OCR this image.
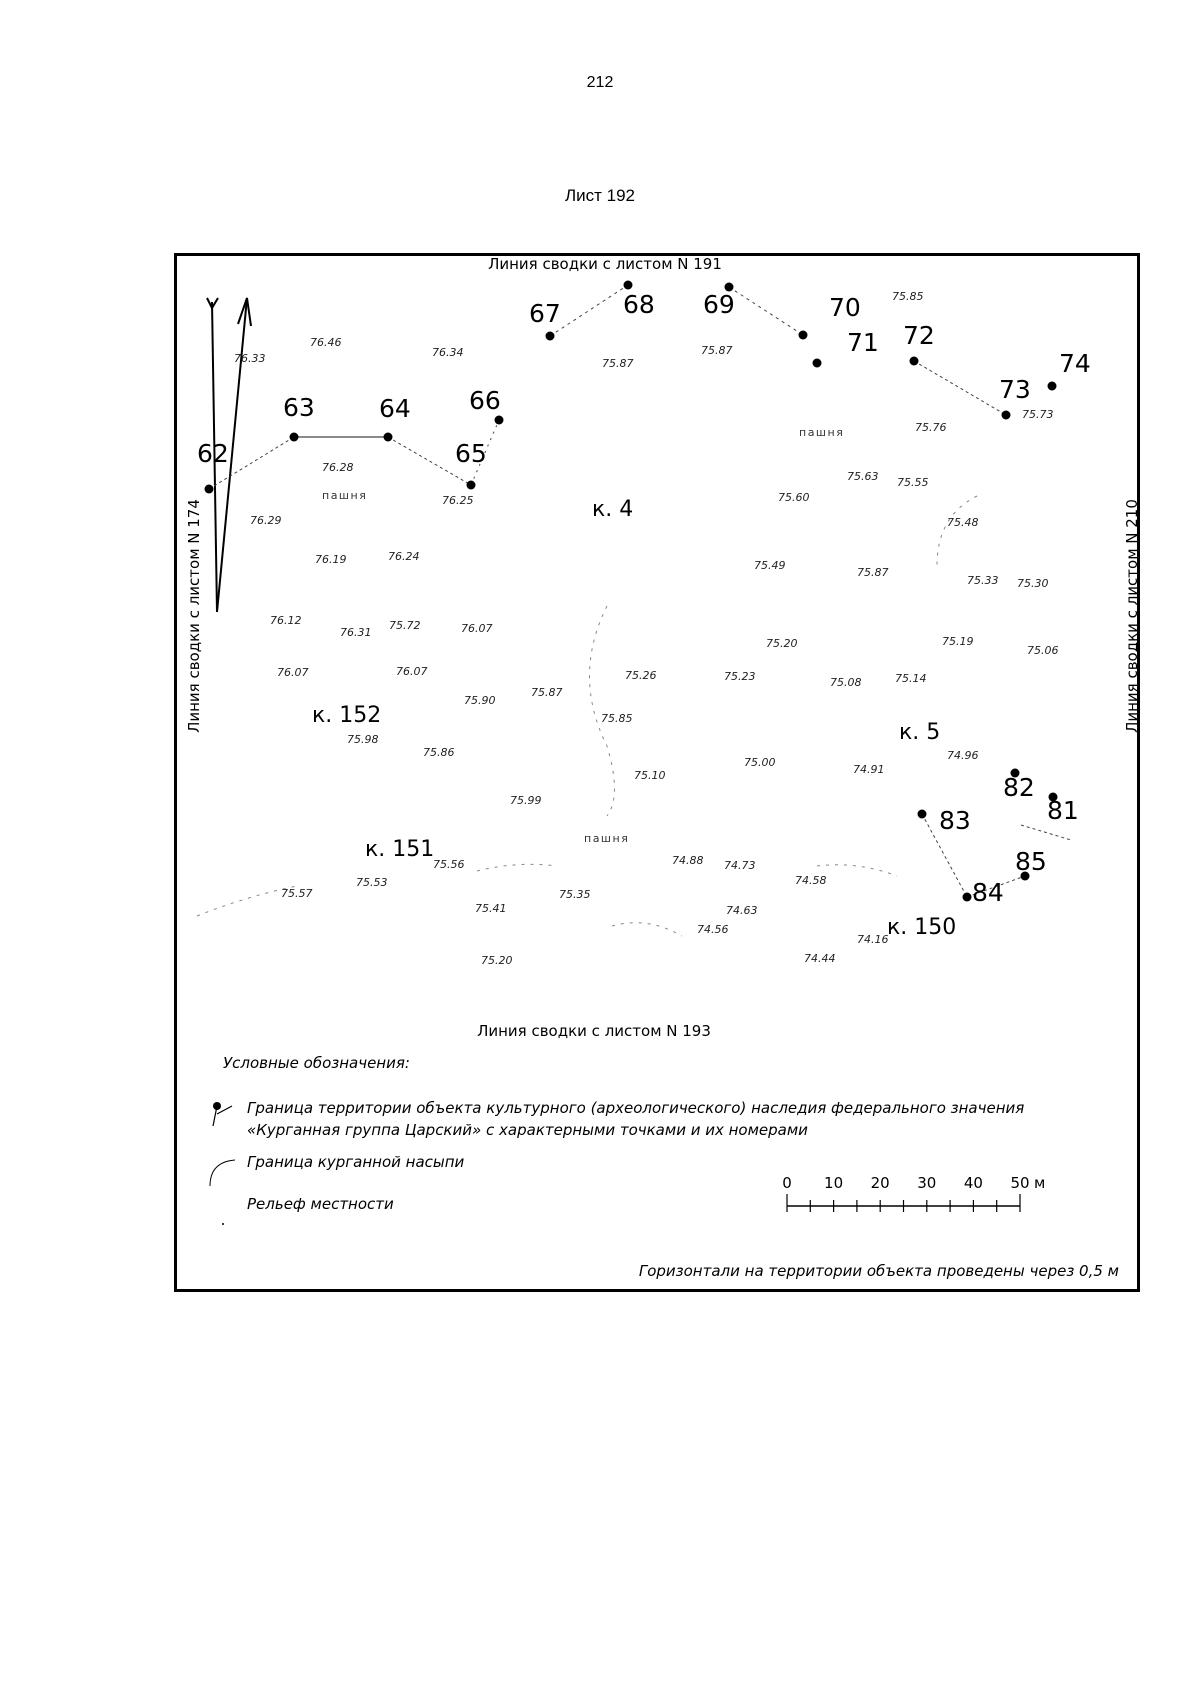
212
Лист 192
Линия сводки с листом N 191
Линия сводки с листом N 193
Линия сводки с листом N 174	Линия сводки с листом N 210
76.33
76.46
76.34
75.87
75.87
75.85
76.28
76.25
76.29
76.19	76.24
75.76
75.63 75.55
75.60
75.73
75.48
75.33 75.30
75.49
75.87
76.12
76.31
75.72	76.07
75.20	75.19
75.06
76.07	76.07	75.26	75.23	75.08	75.14
75.90
75.87
75.85
75.98
75.86
75.10
75.00
74.91
74.96
75.99
74.88 74.73
75.56
75.57
75.53
75.35
75.41
74.58
74.63
74.56
74.16
75.20	74.44
62
63	64
65
66
67 68 69	70
71 72
73
74
81
82
83
84
85
пашня
пашня
пашня
к. 4
к. 152
к. 5
к. 151
к. 150
Условные обозначения:
Граница территории объекта культурного (археологического) наследия федерального значения
«Курганная группа Царский» с характерными точками и их номерами
Граница курганной насыпи
Рельеф местности
0 10 20 30 40 50 м
Горизонтали на территории объекта проведены через 0,5 м
